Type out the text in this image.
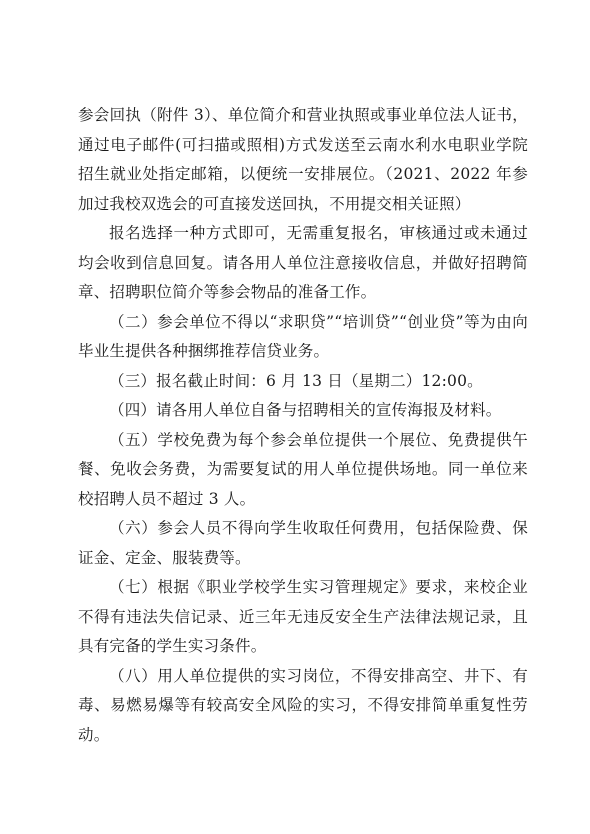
参会回执（附件 3）、单位简介和营业执照或事业单位法人证书，通过电子邮件(可扫描或照相)方式发送至云南水利水电职业学院招生就业处指定邮箱，以便统一安排展位。（2021、2022 年参加过我校双选会的可直接发送回执，不用提交相关证照）

报名选择一种方式即可，无需重复报名，审核通过或未通过均会收到信息回复。请各用人单位注意接收信息，并做好招聘简章、招聘职位简介等参会物品的准备工作。

（二）参会单位不得以“求职贷”“培训贷”“创业贷”等为由向毕业生提供各种捆绑推荐信贷业务。

（三）报名截止时间：6 月 13 日（星期二）12:00。

（四）请各用人单位自备与招聘相关的宣传海报及材料。

（五）学校免费为每个参会单位提供一个展位、免费提供午餐、免收会务费，为需要复试的用人单位提供场地。同一单位来校招聘人员不超过 3 人。

（六）参会人员不得向学生收取任何费用，包括保险费、保证金、定金、服装费等。

（七）根据《职业学校学生实习管理规定》要求，来校企业不得有违法失信记录、近三年无违反安全生产法律法规记录，且具有完备的学生实习条件。

（八）用人单位提供的实习岗位，不得安排高空、井下、有毒、易燃易爆等有较高安全风险的实习，不得安排简单重复性劳动。
